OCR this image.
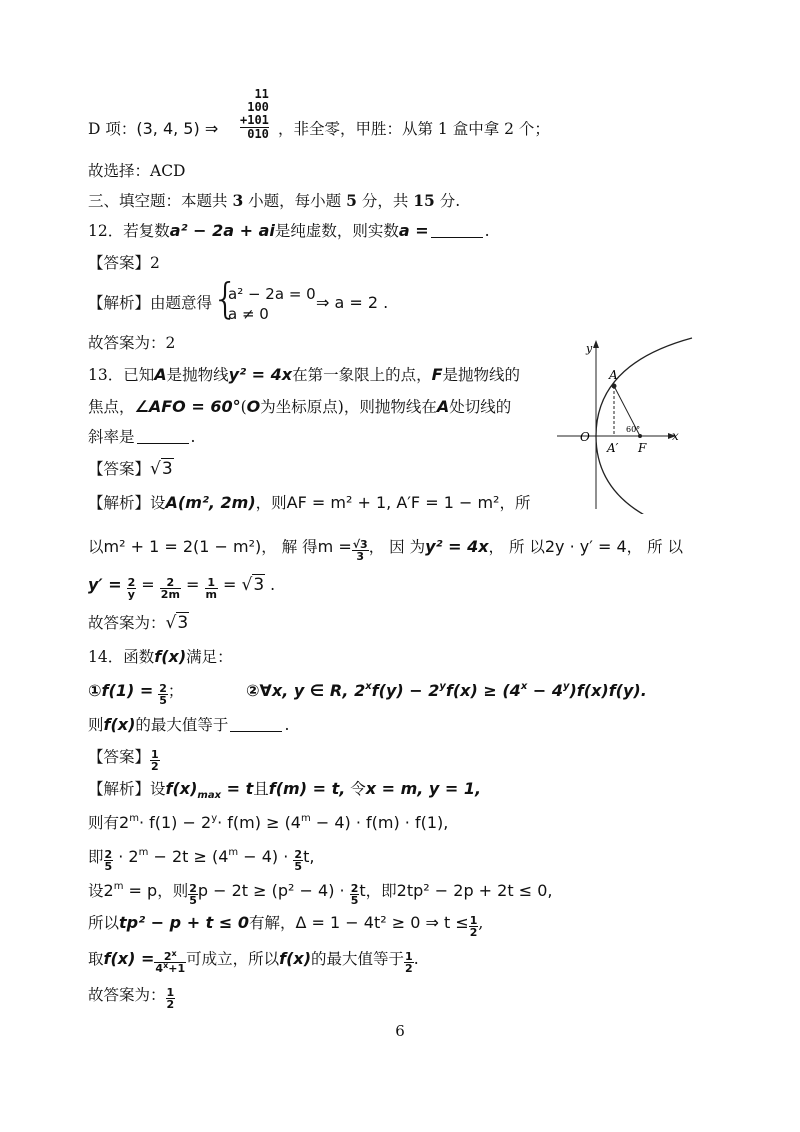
D 项：(3, 4, 5) ⇒
11
100
+101
010 ，非全零，甲胜：从第 1 盒中拿 2 个；
故选择：ACD
三、填空题：本题共 3 小题，每小题 5 分，共 15 分.
12．若复数a² − 2a + ai是纯虚数，则实数a =	.
【答案】2
【解析】由题意得 {
a² − 2a = 0
a ≠ 0
⇒ a = 2 .
故答案为：2
13．已知A是抛物线y² = 4x在第一象限上的点，F是抛物线的
焦点，∠AFO = 60°(O为坐标原点)，则抛物线在A处切线的
斜率是	.
y
A
O
A′ F
x
60°
【答案】√3
【解析】设A(m², 2m)，则AF = m² + 1, A′F = 1 − m²，所
以m² + 1 = 2(1 − m²)， 解 得$m = \frac{√3}{3}$ ， 因 为y² = 4x， 所 以2y · y′ = 4， 所 以
$y' = \frac{2}{y} = \frac{2}{2m} = \frac{1}{m} = √3$ .
故答案为：√3
14．函数f(x)满足：
①f(1) = $\frac{2}{5}$ ；	②∀x, y ∈ R, $2^xf(y) - 2^yf(x) \ge (4^x - 4^y)f(x)f(y)$.
则f(x)的最大值等于	.
【答案】 $\frac{1}{2}$
【解析】设$f(x)_{max} = t$且f(m) = t, 令x = m, y = 1,
则有$2^m\cdot f(1) - 2^y\cdot f(m) \ge (4^m - 4) \cdot f(m) \cdot f(1)$,
即 $\frac{2}{5} \cdot 2^m - 2t \ge (4^m - 4) \cdot \frac{2}{5} t$,
设$2^m = p$，则 $\frac{2}{5}$ $p - 2t \ge (p^2 - 4) \cdot \frac{2}{5}$ t，即2tp² − 2p + 2t ≤ 0,
所以tp² − p + t ≤ 0有解，Δ = 1 − 4t² ≥ 0 ⇒ $t \le \frac{1}{2}$ ,
取$f(x) = \frac{2^x}{4^x+1}$ 可成立，所以f(x)的最大值等于 $\frac{1}{2}$ .
故答案为： $\frac{1}{2}$
6
